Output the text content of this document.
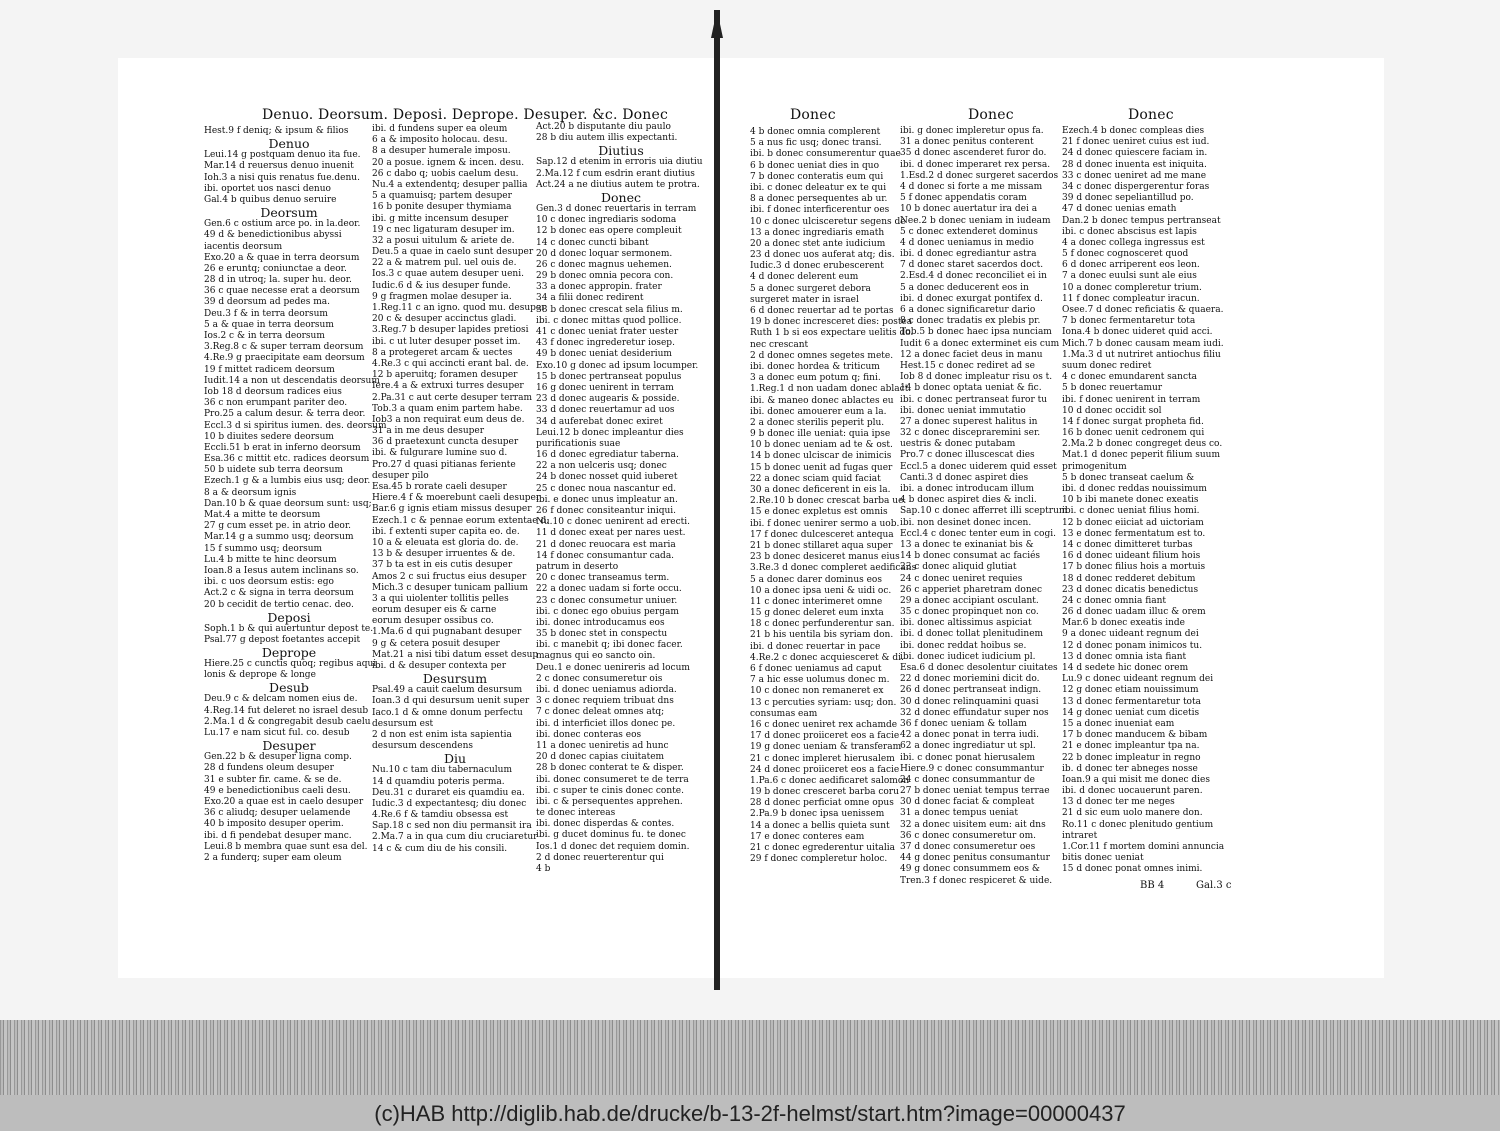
Denuo. Deorsum. Deposi. Deprope. Desuper. &c. Donec	Donec	Donec	Donec
Hest.9 f deniq; & ipsum & filios
Denuo
Leui.14 g postquam denuo ita fue.
Mar.14 d reuersus denuo inuenit
Ioh.3 a nisi quis renatus fue.denu.
ibi. oportet uos nasci denuo
Gal.4 b quibus denuo seruire
Deorsum
Gen.6 c ostium arce po. in la.deor.
49 d & benedictionibus abyssi
iacentis deorsum
Exo.20 a & quae in terra deorsum
26 e eruntq; coniunctae a deor.
28 d in utroq; la. super hu. deor.
36 c quae necesse erat a deorsum
39 d deorsum ad pedes ma.
Deu.3 f & in terra deorsum
5 a & quae in terra deorsum
Ios.2 c & in terra deorsum
3.Reg.8 c & super terram deorsum
4.Re.9 g praecipitate eam deorsum
19 f mittet radicem deorsum
Iudit.14 a non ut descendatis deorsum
Iob 18 d deorsum radices eius
36 c non erumpant pariter deo.
Pro.25 a calum desur. & terra deor.
Eccl.3 d si spiritus iumen. des. deorsum
10 b diuites sedere deorsum
Eccli.51 b erat in inferno deorsum
Esa.36 c mittit etc. radices deorsum
50 b uidete sub terra deorsum
Ezech.1 g & a lumbis eius usq; deor.
8 a & deorsum ignis
Dan.10 b & quae deorsum sunt: usq;
Mat.4 a mitte te deorsum
27 g cum esset pe. in atrio deor.
Mar.14 g a summo usq; deorsum
15 f summo usq; deorsum
Lu.4 b mitte te hinc deorsum
Ioan.8 a Iesus autem inclinans so.
ibi. c uos deorsum estis: ego
Act.2 c & signa in terra deorsum
20 b cecidit de tertio cenac. deo.
Deposi
Soph.1 b & qui auertuntur depost te.
Psal.77 g depost foetantes accepit
Deprope
Hiere.25 c cunctis quoq; regibus aqui
lonis & deprope & longe
Desub
Deu.9 c & delcam nomen eius de.
4.Reg.14 fut deleret no israel desub
2.Ma.1 d & congregabit desub caelu
Lu.17 e nam sicut ful. co. desub
Desuper
Gen.22 b & desuper ligna comp.
28 d fundens oleum desuper
31 e subter fir. came. & se de.
49 e benedictionibus caeli desu.
Exo.20 a quae est in caelo desuper
36 c aliudq; desuper uelamende
40 b imposito desuper operim.
ibi. d fi pendebat desuper manc.
Leui.8 b membra quae sunt esa del.
2 a funderq; super eam oleum
ibi. d fundens super ea oleum
6 a & imposito holocau. desu.
8 a desuper humerale imposu.
20 a posue. ignem & incen. desu.
26 c dabo q; uobis caelum desu.
Nu.4 a extendentq; desuper pallia
5 a quamuisq; partem desuper
16 b ponite desuper thymiama
ibi. g mitte incensum desuper
19 c nec ligaturam desuper im.
32 a posui uitulum & ariete de.
Deu.5 a quae in caelo sunt desuper
22 a & matrem pul. uel ouis de.
Ios.3 c quae autem desuper ueni.
Iudic.6 d & ius desuper funde.
9 g fragmen molae desuper ia.
1.Reg.11 c an igno. quod mu. desuper
20 c & desuper accinctus gladi.
3.Reg.7 b desuper lapides pretiosi
ibi. c ut luter desuper posset im.
8 a protegeret arcam & uectes
4.Re.3 c qui accincti erant bal. de.
12 b aperuitq; foramen desuper
Iere.4 a & extruxi turres desuper
2.Pa.31 c aut certe desuper terram
Tob.3 a quam enim partem habe.
Iob3 a non requirat eum deus de.
31 a in me deus desuper
36 d praetexunt cuncta desuper
ibi. & fulgurare lumine suo d.
Pro.27 d quasi pitianas feriente
desuper pilo
Esa.45 b rorate caeli desuper
Hiere.4 f & moerebunt caeli desuper
Bar.6 g ignis etiam missus desuper
Ezech.1 c & pennae eorum extentae d.
ibi. f extenti super capita eo. de.
10 a & eleuata est gloria do. de.
13 b & desuper irruentes & de.
37 b ta est in eis cutis desuper
Amos 2 c sui fructus eius desuper
Mich.3 c desuper tunicam pallium
3 a qui uiolenter tollitis pelles
eorum desuper eis & carne
eorum desuper ossibus co.
1.Ma.6 d qui pugnabant desuper
9 g & cetera posuit desuper
Mat.21 a nisi tibi datum esset desup
ibi. d & desuper contexta per
Desursum
Psal.49 a cauit caelum desursum
Ioan.3 d qui desursum uenit super
Iaco.1 d & omne donum perfectu
desursum est
2 d non est enim ista sapientia
desursum descendens
Diu
Nu.10 c tam diu tabernaculum
14 d quamdiu poteris perma.
Deu.31 c duraret eis quamdiu ea.
Iudic.3 d expectantesq; diu donec
4.Re.6 f & tamdiu obsessa est
Sap.18 c sed non diu permansit ira
2.Ma.7 a in qua cum diu cruciaretur
14 c & cum diu de his consili.
Act.20 b disputante diu paulo
28 b diu autem illis expectanti.
Diutius
Sap.12 d etenim in erroris uia diutiu
2.Ma.12 f cum esdrin erant diutius
Act.24 a ne diutius autem te protra.
Donec
Gen.3 d donec reuertaris in terram
10 c donec ingrediaris sodoma
12 b donec eas opere compleuit
14 c donec cuncti bibant
20 d donec loquar sermonem.
26 c donec magnus uehemen.
29 b donec omnia pecora con.
33 a donec appropin. frater
34 a filii donec redirent
38 b donec crescat sela filius m.
ibi. c donec mittas quod pollice.
41 c donec ueniat frater uester
43 f donec ingrederetur iosep.
49 b donec ueniat desiderium
Exo.10 g donec ad ipsum locumper.
15 b donec pertranseat populus
16 g donec uenirent in terram
23 d donec augearis & posside.
33 d donec reuertamur ad uos
34 d auferebat donec exiret
Leui.12 b donec impleantur dies
purificationis suae
16 d donec egrediatur taberna.
22 a non uelceris usq; donec
24 b donec nosset quid iuberet
25 c donec noua nascantur ed.
ibi. e donec unus impleatur an.
26 f donec consiteantur iniqui.
Nu.10 c donec uenirent ad erecti.
11 d donec exeat per nares uest.
21 d donec reuocara est maria
14 f donec consumantur cada.
patrum in deserto
20 c donec transeamus term.
22 a donec uadam si forte occu.
23 c donec consumetur uniuer.
ibi. c donec ego obuius pergam
ibi. donec introducamus eos
35 b donec stet in conspectu
ibi. c manebit q; ibi donec facer.
magnus qui eo sancto oin.
Deu.1 e donec uenireris ad locum
2 c donec consumeretur ois
ibi. d donec ueniamus adiorda.
3 c donec requiem tribuat dns
7 c donec deleat omnes atq;
ibi. d interficiet illos donec pe.
ibi. donec conteras eos
11 a donec ueniretis ad hunc
20 d donec capias ciuitatem
28 b donec conterat te & disper.
ibi. donec consumeret te de terra
ibi. c super te cinis donec conte.
ibi. c & persequentes apprehen.
te donec intereas
ibi. donec disperdas & contes.
ibi. g ducet dominus fu. te donec
Ios.1 d donec det requiem domin.
2 d donec reuerterentur qui
4 b
4 b donec omnia complerent
5 a nus fic usq; donec transi.
ibi. b donec consumerentur quae
6 b donec ueniat dies in quo
7 b donec conteratis eum qui
ibi. c donec deleatur ex te qui
8 a donec persequentes ab ur.
ibi. f donec interficerentur oes
10 c donec ulcisceretur segens de
13 a donec ingrediaris emath
20 a donec stet ante iudicium
23 d donec uos auferat atq; dis.
Iudic.3 d donec erubescerent
4 d donec delerent eum
5 a donec surgeret debora
surgeret mater in israel
6 d donec reuertar ad te portas
19 b donec incresceret dies: postea
Ruth 1 b si eos expectare uelitis do.
nec crescant
2 d donec omnes segetes mete.
ibi. donec hordea & triticum
3 a donec eum potum q; fini.
1.Reg.1 d non uadam donec ablact.
ibi. & maneo donec ablactes eu
ibi. donec amouerer eum a la.
2 a donec sterilis peperit plu.
9 b donec ille ueniat: quia ipse
10 b donec ueniam ad te & ost.
14 b donec ulciscar de inimicis
15 b donec uenit ad fugas quer
22 a donec sciam quid faciat
30 a donec deficerent in eis la.
2.Re.10 b donec crescat barba ue.
15 e donec expletus est omnis
ibi. f donec uenirer sermo a uob.
17 f donec dulcesceret antequa
21 b donec stillaret aqua super
23 b donec desiceret manus eius
3.Re.3 d donec compleret aedificans
5 a donec darer dominus eos
10 a donec ipsa ueni & uidi oc.
11 c donec interimeret omne
15 g donec deleret eum inxta
18 c donec perfunderentur san.
21 b his uentila bis syriam don.
ibi. d donec reuertar in pace
4.Re.2 c donec acquiesceret & di.
6 f donec ueniamus ad caput
7 a hic esse uolumus donec m.
10 c donec non remaneret ex
13 c percuties syriam: usq; don.
consumas eam
16 c donec ueniret rex achamde
17 d donec proiiceret eos a facie
19 g donec ueniam & transferam
21 c donec impleret hierusalem
24 d donec proiiceret eos a facie
1.Pa.6 c donec aedificaret salomon
19 b donec cresceret barba coru
28 d donec perficiat omne opus
2.Pa.9 b donec ipsa uenissem
14 a donec a bellis quieta sunt
17 e donec conteres eam
21 c donec egrederentur uitalia
29 f donec compleretur holoc.
ibi. g donec impleretur opus fa.
31 a donec penitus conterent
35 d donec ascenderet furor do.
ibi. d donec imperaret rex persa.
1.Esd.2 d donec surgeret sacerdos
4 d donec si forte a me missam
5 f donec appendatis coram
10 b donec auertatur ira dei a
Nee.2 b donec ueniam in iudeam
5 c donec extenderet dominus
4 d donec ueniamus in medio
ibi. d donec egrediantur astra
7 d donec staret sacerdos doct.
2.Esd.4 d donec reconciliet ei in
5 a donec deducerent eos in
ibi. d donec exurgat pontifex d.
6 a donec significaretur dario
8 c donec tradatis ex plebis pr.
Tob.5 b donec haec ipsa nunciam
Iudit 6 a donec exterminet eis cum
12 a donec faciet deus in manu
Hest.15 c donec rediret ad se
Iob 8 d donec impleatur risu os t.
14 b donec optata ueniat & fic.
ibi. c donec pertranseat furor tu
ibi. donec ueniat immutatio
27 a donec superest halitus in
32 c donec discepraremini ser.
uestris & donec putabam
Pro.7 c donec illuscescat dies
Eccl.5 a donec uiderem quid esset
Canti.3 d donec aspiret dies
ibi. a donec introducam illum
4 b donec aspiret dies & incli.
Sap.10 c donec afferret illi sceptrum
ibi. non desinet donec incen.
Eccl.4 c donec tenter eum in cogi.
13 a donec te exinaniat bis &
14 b donec consumat ac faciés
23 c donec aliquid glutiat
24 c donec ueniret requies
26 c apperiet pharetram donec
29 a donec accipiant osculant.
35 c donec propinquet non co.
ibi. donec altissimus aspiciat
ibi. d donec tollat plenitudinem
ibi. donec reddat hoibus se.
ibi. donec iudicet iudicium pl.
Esa.6 d donec desolentur ciuitates
22 d donec moriemini dicit do.
26 d donec pertranseat indign.
30 d donec relinquamini quasi
32 d donec effundatur super nos
36 f donec ueniam & tollam
42 a donec ponat in terra iudi.
62 a donec ingrediatur ut spl.
ibi. c donec ponat hierusalem
Hiere.9 c donec consummantur
24 c donec consummantur de
27 b donec ueniat tempus terrae
30 d donec faciat & compleat
31 a donec tempus ueniat
32 a donec uisitem eum: ait dns
36 c donec consumeretur om.
37 d donec consumeretur oes
44 g donec penitus consumantur
49 g donec consummem eos &
Tren.3 f donec respiceret & uide.
Ezech.4 b donec compleas dies
21 f donec ueniret cuius est iud.
24 d donec quiescere faciam in.
28 d donec inuenta est iniquita.
33 c donec ueniret ad me mane
34 c donec dispergerentur foras
39 d donec sepeliantillud po.
47 d donec uenias emath
Dan.2 b donec tempus pertranseat
ibi. c donec abscisus est lapis
4 a donec collega ingressus est
5 f donec cognosceret quod
6 d donec arriperent eos leon.
7 a donec euulsi sunt ale eius
10 a donec compleretur trium.
11 f donec compleatur iracun.
Osee.7 d donec reficiatis & quaera.
7 b donec fermentaretur tota
Iona.4 b donec uideret quid acci.
Mich.7 b donec causam meam iudi.
1.Ma.3 d ut nutriret antiochus filiu
suum donec rediret
4 c donec emundarent sancta
5 b donec reuertamur
ibi. f donec uenirent in terram
10 d donec occidit sol
14 f donec surgat propheta fid.
16 b donec uenit cedronem qui
2.Ma.2 b donec congreget deus co.
Mat.1 d donec peperit filium suum
primogenitum
5 b donec transeat caelum &
ibi. d donec reddas nouissimum
10 b ibi manete donec exeatis
ibi. c donec ueniat filius homi.
12 b donec eiiciat ad uictoriam
13 e donec fermentatum est to.
14 c donec dimitteret turbas
16 d donec uideant filium hois
17 b donec filius hois a mortuis
18 d donec redderet debitum
23 d donec dicatis benedictus
24 c donec omnia fiant
26 d donec uadam illuc & orem
Mar.6 b donec exeatis inde
9 a donec uideant regnum dei
12 d donec ponam inimicos tu.
13 d donec omnia ista fiant
14 d sedete hic donec orem
Lu.9 c donec uideant regnum dei
12 g donec etiam nouissimum
13 d donec fermentaretur tota
14 g donec ueniat cum dicetis
15 a donec inueniat eam
17 b donec manducem & bibam
21 e donec impleantur tpa na.
22 b donec impleatur in regno
ib. d donec ter abneges nosse
Ioan.9 a qui misit me donec dies
ibi. d donec uocauerunt paren.
13 d donec ter me neges
21 d sic eum uolo manere don.
Ro.11 c donec plenitudo gentium
intraret
1.Cor.11 f mortem domini annuncia
bitis donec ueniat
15 d donec ponat omnes inimi.
BB 4	Gal.3 c
(c)HAB http://diglib.hab.de/drucke/b-13-2f-helmst/start.htm?image=00000437
